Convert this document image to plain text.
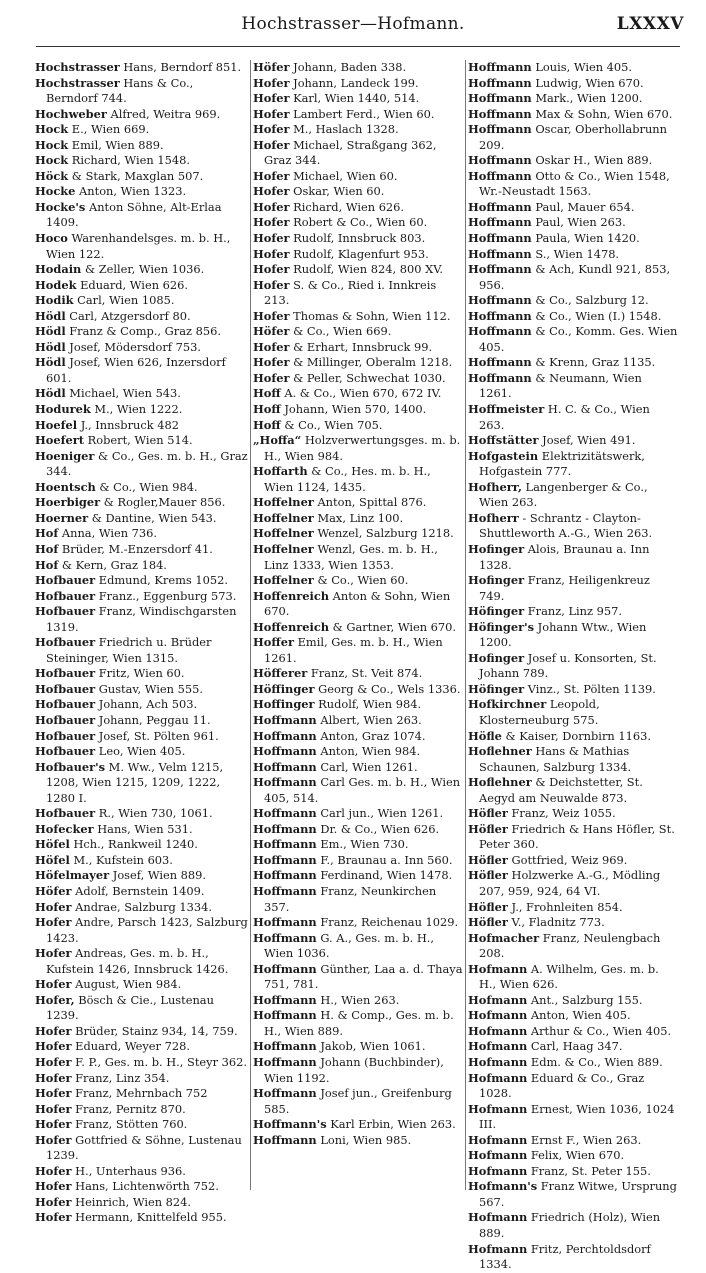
Hochstrasser—Hofmann.	LXXXV
Hochstrasser Hans, Berndorf 851.
Hochstrasser Hans & Co., Berndorf 744.
Hochweber Alfred, Weitra 969.
Hock E., Wien 669.
Hock Emil, Wien 889.
Hock Richard, Wien 1548.
Höck & Stark, Maxglan 507.
Hocke Anton, Wien 1323.
Hocke's Anton Söhne, Alt-Erlaa 1409.
Hoco Warenhandelsges. m. b. H., Wien 122.
Hodain & Zeller, Wien 1036.
Hodek Eduard, Wien 626.
Hodik Carl, Wien 1085.
Hödl Carl, Atzgersdorf 80.
Hödl Franz & Comp., Graz 856.
Hödl Josef, Mödersdorf 753.
Hödl Josef, Wien 626, Inzersdorf 601.
Hödl Michael, Wien 543.
Hodurek M., Wien 1222.
Hoefel J., Innsbruck 482
Hoefert Robert, Wien 514.
Hoeniger & Co., Ges. m. b. H., Graz 344.
Hoentsch & Co., Wien 984.
Hoerbiger & Rogler,Mauer 856.
Hoerner & Dantine, Wien 543.
Hof Anna, Wien 736.
Hof Brüder, M.-Enzersdorf 41.
Hof & Kern, Graz 184.
Hofbauer Edmund, Krems 1052.
Hofbauer Franz., Eggenburg 573.
Hofbauer Franz, Windischgarsten 1319.
Hofbauer Friedrich u. Brüder Steininger, Wien 1315.
Hofbauer Fritz, Wien 60.
Hofbauer Gustav, Wien 555.
Hofbauer Johann, Ach 503.
Hofbauer Johann, Peggau 11.
Hofbauer Josef, St. Pölten 961.
Hofbauer Leo, Wien 405.
Hofbauer's M. Ww., Velm 1215, 1208, Wien 1215, 1209, 1222, 1280 I.
Hofbauer R., Wien 730, 1061.
Hofecker Hans, Wien 531.
Höfel Hch., Rankweil 1240.
Höfel M., Kufstein 603.
Höfelmayer Josef, Wien 889.
Höfer Adolf, Bernstein 1409.
Hofer Andrae, Salzburg 1334.
Hofer Andre, Parsch 1423, Salzburg 1423.
Hofer Andreas, Ges. m. b. H., Kufstein 1426, Innsbruck 1426.
Hofer August, Wien 984.
Hofer, Bösch & Cie., Lustenau 1239.
Hofer Brüder, Stainz 934, 14, 759.
Hofer Eduard, Weyer 728.
Hofer F. P., Ges. m. b. H., Steyr 362.
Hofer Franz, Linz 354.
Hofer Franz, Mehrnbach 752
Hofer Franz, Pernitz 870.
Hofer Franz, Stötten 760.
Hofer Gottfried & Söhne, Lustenau 1239.
Hofer H., Unterhaus 936.
Hofer Hans, Lichtenwörth 752.
Hofer Heinrich, Wien 824.
Hofer Hermann, Knittelfeld 955.
Höfer Johann, Baden 338.
Hofer Johann, Landeck 199.
Hofer Karl, Wien 1440, 514.
Hofer Lambert Ferd., Wien 60.
Hofer M., Haslach 1328.
Hofer Michael, Straßgang 362, Graz 344.
Hofer Michael, Wien 60.
Hofer Oskar, Wien 60.
Hofer Richard, Wien 626.
Hofer Robert & Co., Wien 60.
Hofer Rudolf, Innsbruck 803.
Hofer Rudolf, Klagenfurt 953.
Hofer Rudolf, Wien 824, 800 XV.
Hofer S. & Co., Ried i. Innkreis 213.
Hofer Thomas & Sohn, Wien 112.
Höfer & Co., Wien 669.
Hofer & Erhart, Innsbruck 99.
Hofer & Millinger, Oberalm 1218.
Hofer & Peller, Schwechat 1030.
Hoff A. & Co., Wien 670, 672 IV.
Hoff Johann, Wien 570, 1400.
Hoff & Co., Wien 705.
„Hoffa“ Holzverwertungsges. m. b. H., Wien 984.
Hoffarth & Co., Hes. m. b. H., Wien 1124, 1435.
Hoffelner Anton, Spittal 876.
Hoffelner Max, Linz 100.
Hoffelner Wenzel, Salzburg 1218.
Hoffelner Wenzl, Ges. m. b. H., Linz 1333, Wien 1353.
Hoffelner & Co., Wien 60.
Hoffenreich Anton & Sohn, Wien 670.
Hoffenreich & Gartner, Wien 670.
Hoffer Emil, Ges. m. b. H., Wien 1261.
Höfferer Franz, St. Veit 874.
Höffinger Georg & Co., Wels 1336.
Hoffinger Rudolf, Wien 984.
Hoffmann Albert, Wien 263.
Hoffmann Anton, Graz 1074.
Hoffmann Anton, Wien 984.
Hoffmann Carl, Wien 1261.
Hoffmann Carl Ges. m. b. H., Wien 405, 514.
Hoffmann Carl jun., Wien 1261.
Hoffmann Dr. & Co., Wien 626.
Hoffmann Em., Wien 730.
Hoffmann F., Braunau a. Inn 560.
Hoffmann Ferdinand, Wien 1478.
Hoffmann Franz, Neunkirchen 357.
Hoffmann Franz, Reichenau 1029.
Hoffmann G. A., Ges. m. b. H., Wien 1036.
Hoffmann Günther, Laa a. d. Thaya 751, 781.
Hoffmann H., Wien 263.
Hoffmann H. & Comp., Ges. m. b. H., Wien 889.
Hoffmann Jakob, Wien 1061.
Hoffmann Johann (Buchbinder), Wien 1192.
Hoffmann Josef jun., Greifenburg 585.
Hoffmann's Karl Erbin, Wien 263.
Hoffmann Loni, Wien 985.
Hoffmann Louis, Wien 405.
Hoffmann Ludwig, Wien 670.
Hoffmann Mark., Wien 1200.
Hoffmann Max & Sohn, Wien 670.
Hoffmann Oscar, Oberhollabrunn 209.
Hoffmann Oskar H., Wien 889.
Hoffmann Otto & Co., Wien 1548, Wr.-Neustadt 1563.
Hoffmann Paul, Mauer 654.
Hoffmann Paul, Wien 263.
Hoffmann Paula, Wien 1420.
Hoffmann S., Wien 1478.
Hoffmann & Ach, Kundl 921, 853, 956.
Hoffmann & Co., Salzburg 12.
Hoffmann & Co., Wien (I.) 1548.
Hoffmann & Co., Komm. Ges. Wien 405.
Hoffmann & Krenn, Graz 1135.
Hoffmann & Neumann, Wien 1261.
Hoffmeister H. C. & Co., Wien 263.
Hoffstätter Josef, Wien 491.
Hofgastein Elektrizitätswerk, Hofgastein 777.
Hofherr, Langenberger & Co., Wien 263.
Hofherr - Schrantz - Clayton-Shuttleworth A.-G., Wien 263.
Hofinger Alois, Braunau a. Inn 1328.
Hofinger Franz, Heiligenkreuz 749.
Höfinger Franz, Linz 957.
Höfinger's Johann Wtw., Wien 1200.
Hofinger Josef u. Konsorten, St. Johann 789.
Höfinger Vinz., St. Pölten 1139.
Hofkirchner Leopold, Klosterneuburg 575.
Höfle & Kaiser, Dornbirn 1163.
Hoflehner Hans & Mathias Schaunen, Salzburg 1334.
Hoflehner & Deichstetter, St. Aegyd am Neuwalde 873.
Höfler Franz, Weiz 1055.
Höfler Friedrich & Hans Höfler, St. Peter 360.
Höfler Gottfried, Weiz 969.
Höfler Holzwerke A.-G., Mödling 207, 959, 924, 64 VI.
Höfler J., Frohnleiten 854.
Höfler V., Fladnitz 773.
Hofmacher Franz, Neulengbach 208.
Hofmann A. Wilhelm, Ges. m. b. H., Wien 626.
Hofmann Ant., Salzburg 155.
Hofmann Anton, Wien 405.
Hofmann Arthur & Co., Wien 405.
Hofmann Carl, Haag 347.
Hofmann Edm. & Co., Wien 889.
Hofmann Eduard & Co., Graz 1028.
Hofmann Ernest, Wien 1036, 1024 III.
Hofmann Ernst F., Wien 263.
Hofmann Felix, Wien 670.
Hofmann Franz, St. Peter 155.
Hofmann's Franz Witwe, Ursprung 567.
Hofmann Friedrich (Holz), Wien 889.
Hofmann Fritz, Perchtoldsdorf 1334.
